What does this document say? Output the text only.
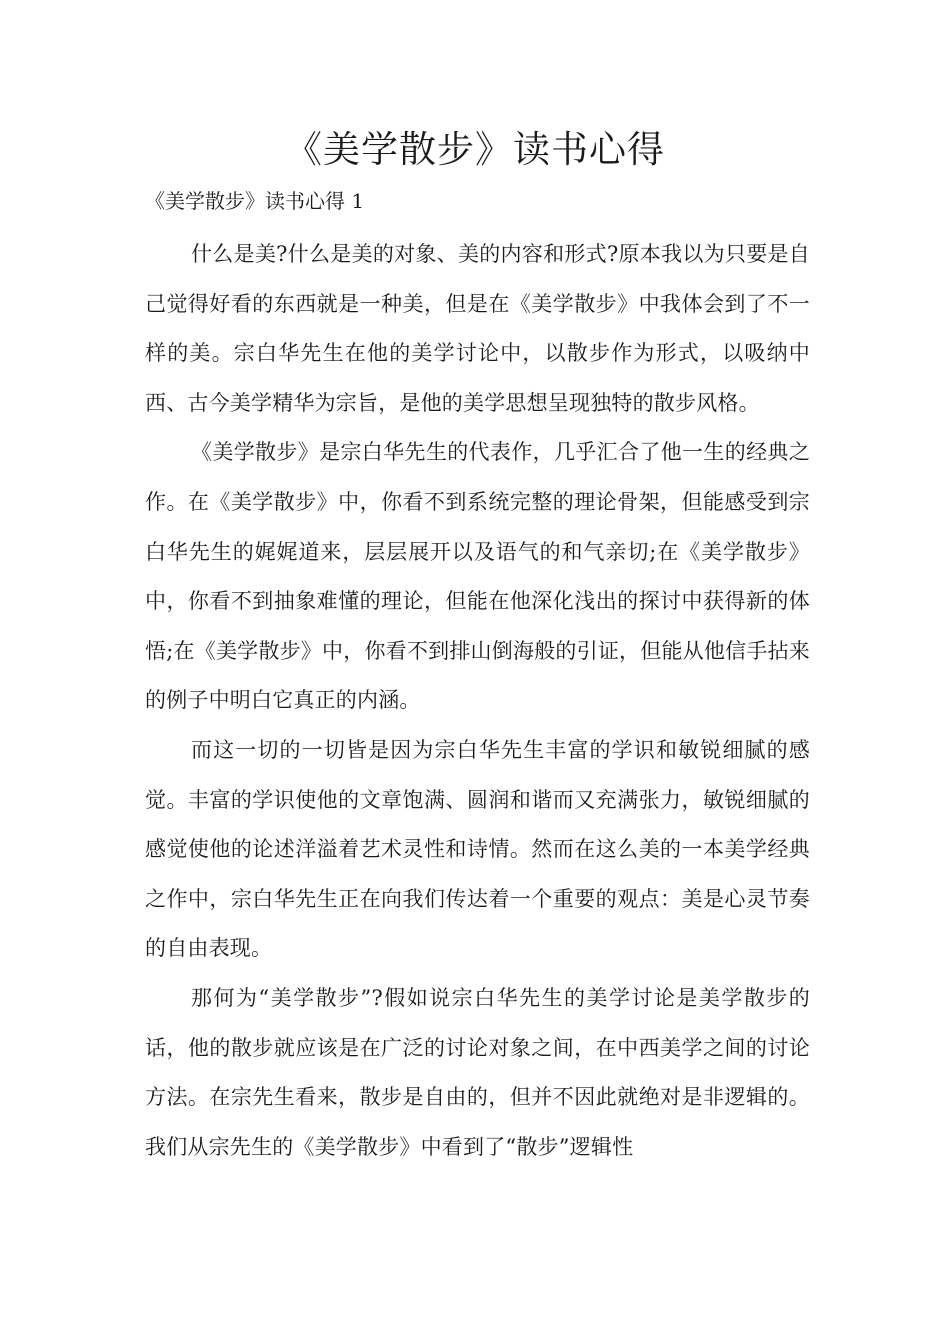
《美学散步》读书心得
《美学散步》读书心得 1

什么是美?什么是美的对象、美的内容和形式?原本我以为只要是自己觉得好看的东西就是一种美，但是在《美学散步》中我体会到了不一样的美。宗白华先生在他的美学讨论中，以散步作为形式，以吸纳中西、古今美学精华为宗旨，是他的美学思想呈现独特的散步风格。

《美学散步》是宗白华先生的代表作，几乎汇合了他一生的经典之作。在《美学散步》中，你看不到系统完整的理论骨架，但能感受到宗白华先生的娓娓道来，层层展开以及语气的和气亲切;在《美学散步》中，你看不到抽象难懂的理论，但能在他深化浅出的探讨中获得新的体悟;在《美学散步》中，你看不到排山倒海般的引证，但能从他信手拈来的例子中明白它真正的内涵。

而这一切的一切皆是因为宗白华先生丰富的学识和敏锐细腻的感觉。丰富的学识使他的文章饱满、圆润和谐而又充满张力，敏锐细腻的感觉使他的论述洋溢着艺术灵性和诗情。然而在这么美的一本美学经典之作中，宗白华先生正在向我们传达着一个重要的观点：美是心灵节奏的自由表现。

那何为“美学散步”?假如说宗白华先生的美学讨论是美学散步的话，他的散步就应该是在广泛的讨论对象之间，在中西美学之间的讨论方法。在宗先生看来，散步是自由的，但并不因此就绝对是非逻辑的。我们从宗先生的《美学散步》中看到了“散步”逻辑性
